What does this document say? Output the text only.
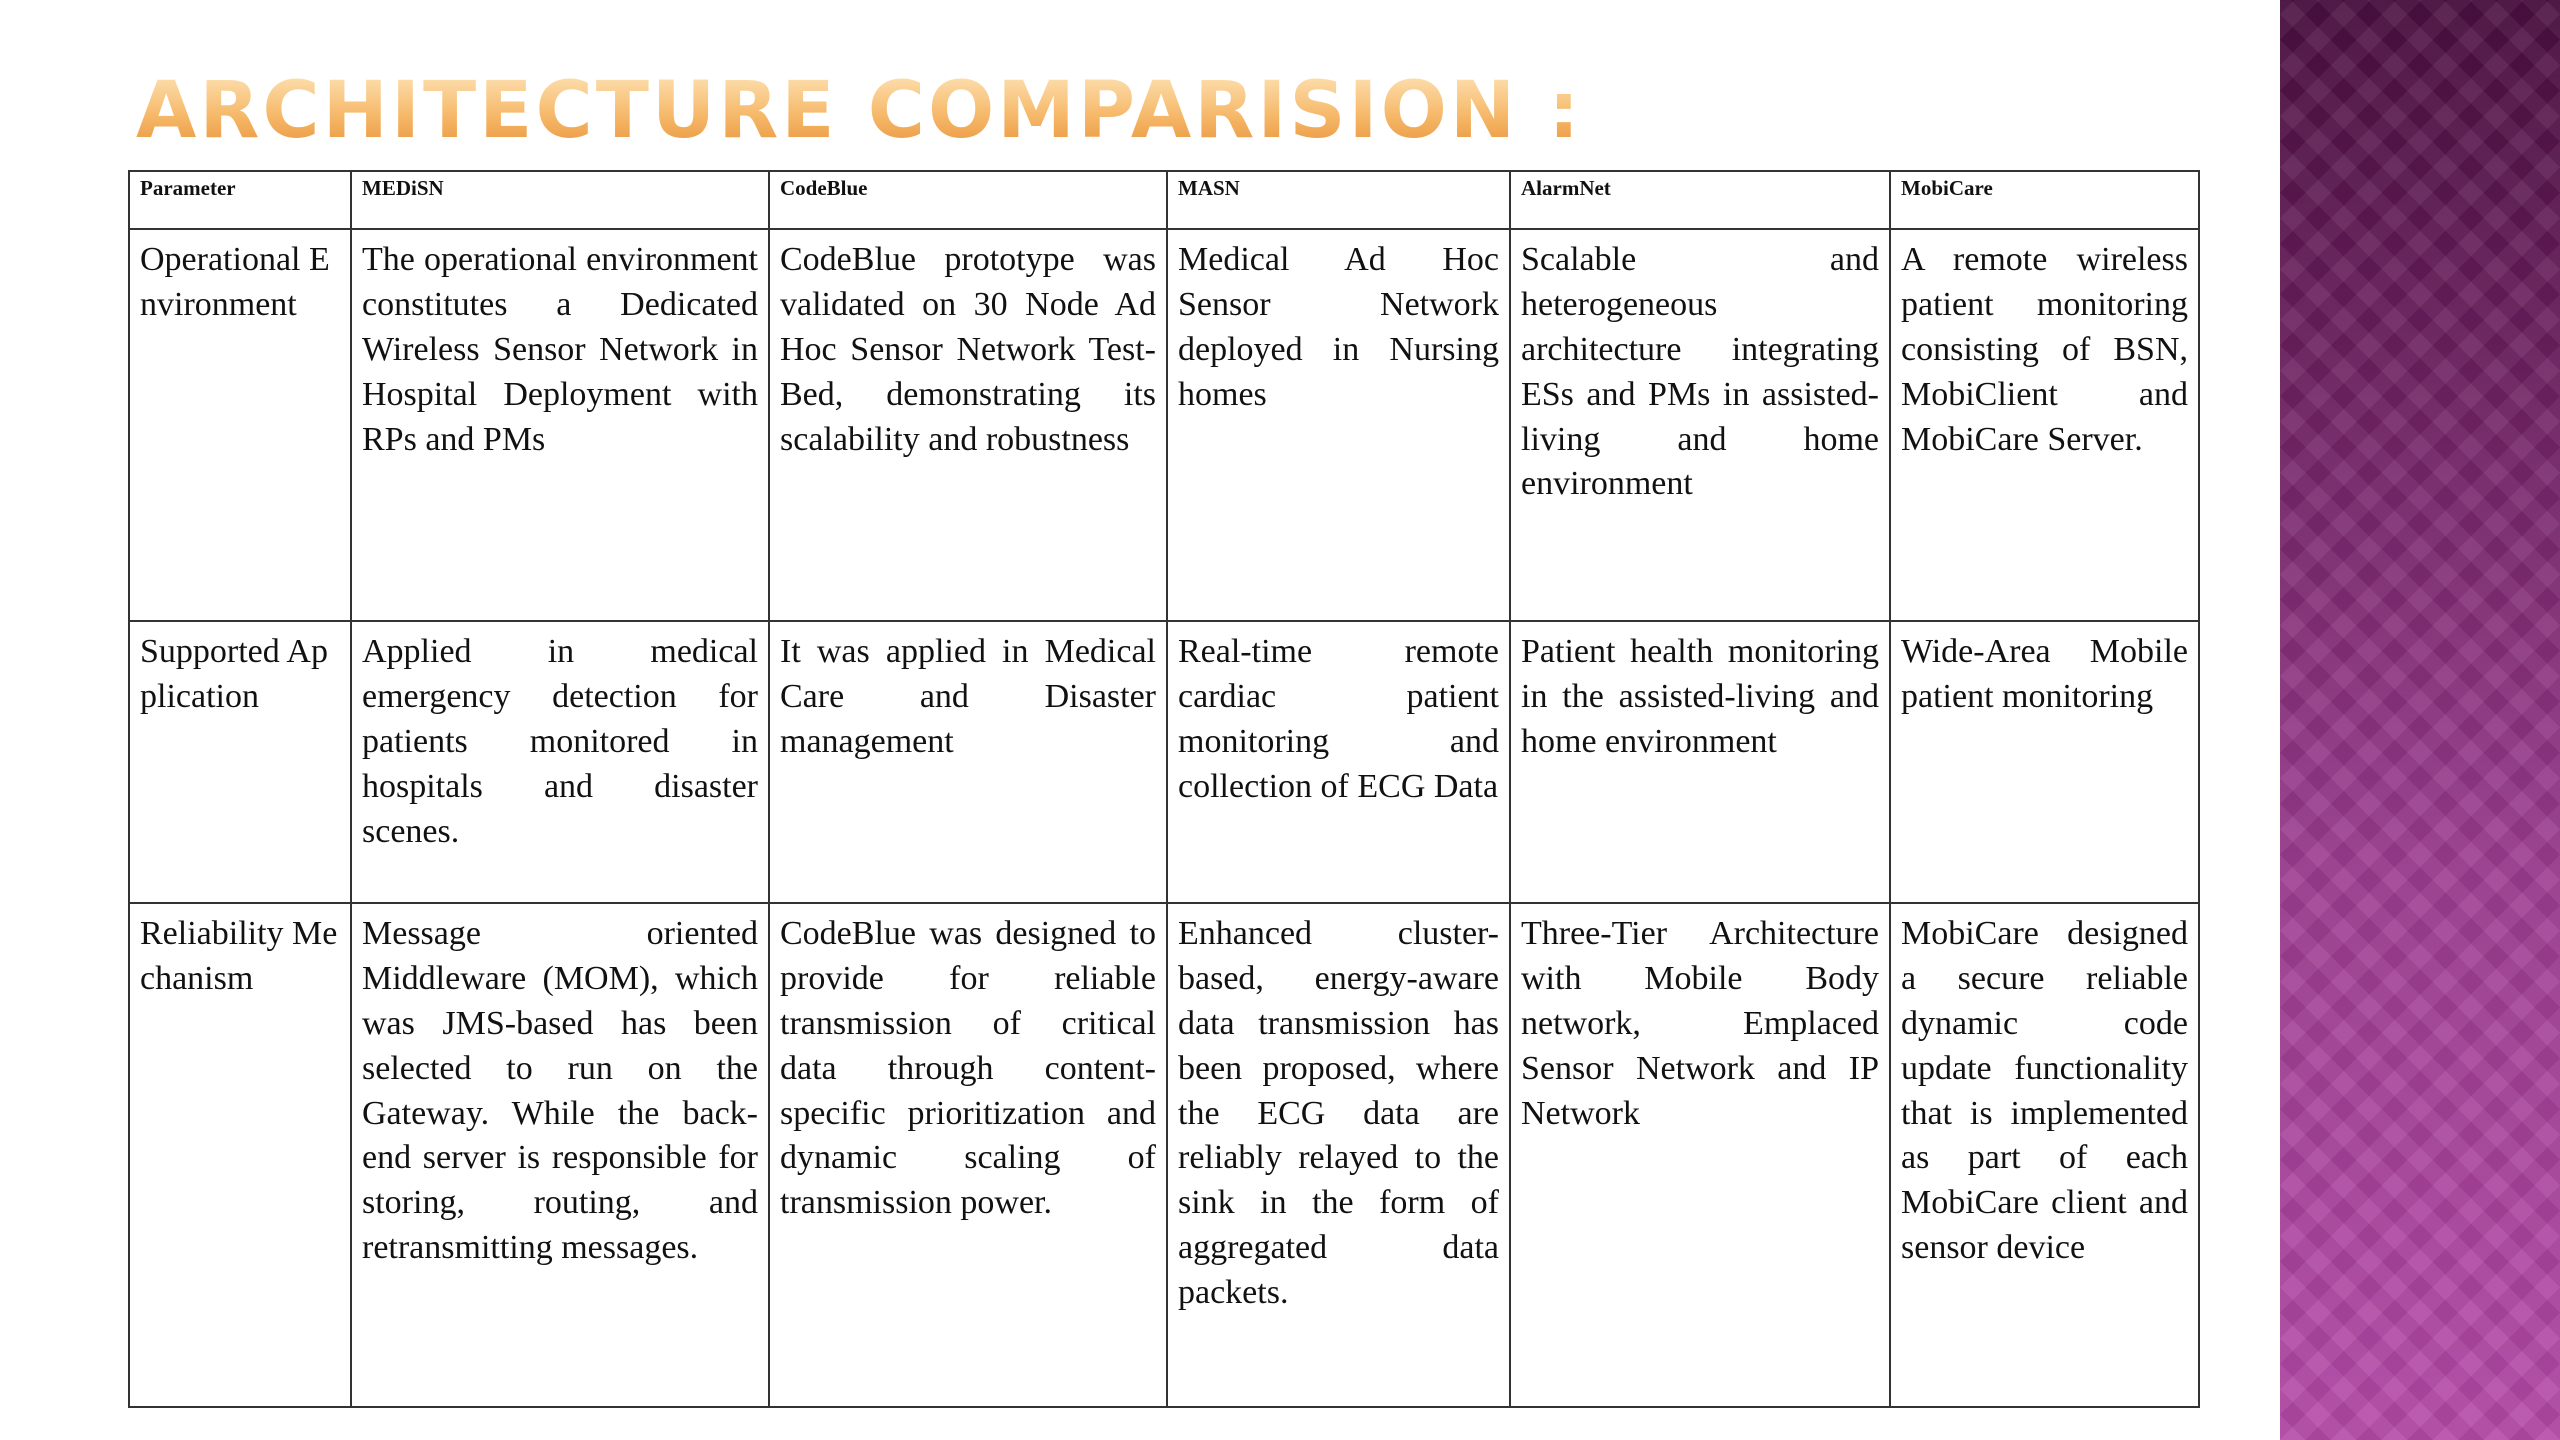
ARCHITECTURE COMPARISION :
Parameter	MEDiSN	CodeBlue	MASN	AlarmNet	MobiCare
Operational Environment	The operational environment constitutes a Dedicated Wireless Sensor Network in Hospital Deployment with RPs and PMs	CodeBlue prototype was validated on 30 Node Ad Hoc Sensor Network Test-Bed, demonstrating its scalability and robustness	Medical Ad Hoc Sensor Network deployed in Nursing homes	Scalable and heterogeneous architecture integrating ESs and PMs in assisted-living and home environment	A remote wireless patient monitoring consisting of BSN, MobiClient and MobiCare Server.
Supported Application	Applied in medical emergency detection for patients monitored in hospitals and disaster scenes.	It was applied in Medical Care and Disaster management	Real-time remote cardiac patient monitoring and collection of ECG Data	Patient health monitoring in the assisted-living and home environment	Wide-Area Mobile patient monitoring
Reliability Mechanism	Message oriented Middleware (MOM), which was JMS-based has been selected to run on the Gateway. While the back-end server is responsible for storing, routing, and retransmitting messages.	CodeBlue was designed to provide for reliable transmission of critical data through content-specific prioritization and dynamic scaling of transmission power.	Enhanced cluster-based, energy-aware data transmission has been proposed, where the ECG data are reliably relayed to the sink in the form of aggregated data packets.	Three-Tier Architecture with Mobile Body network, Emplaced Sensor Network and IP Network	MobiCare designed a secure reliable dynamic code update functionality that is implemented as part of each MobiCare client and sensor device
